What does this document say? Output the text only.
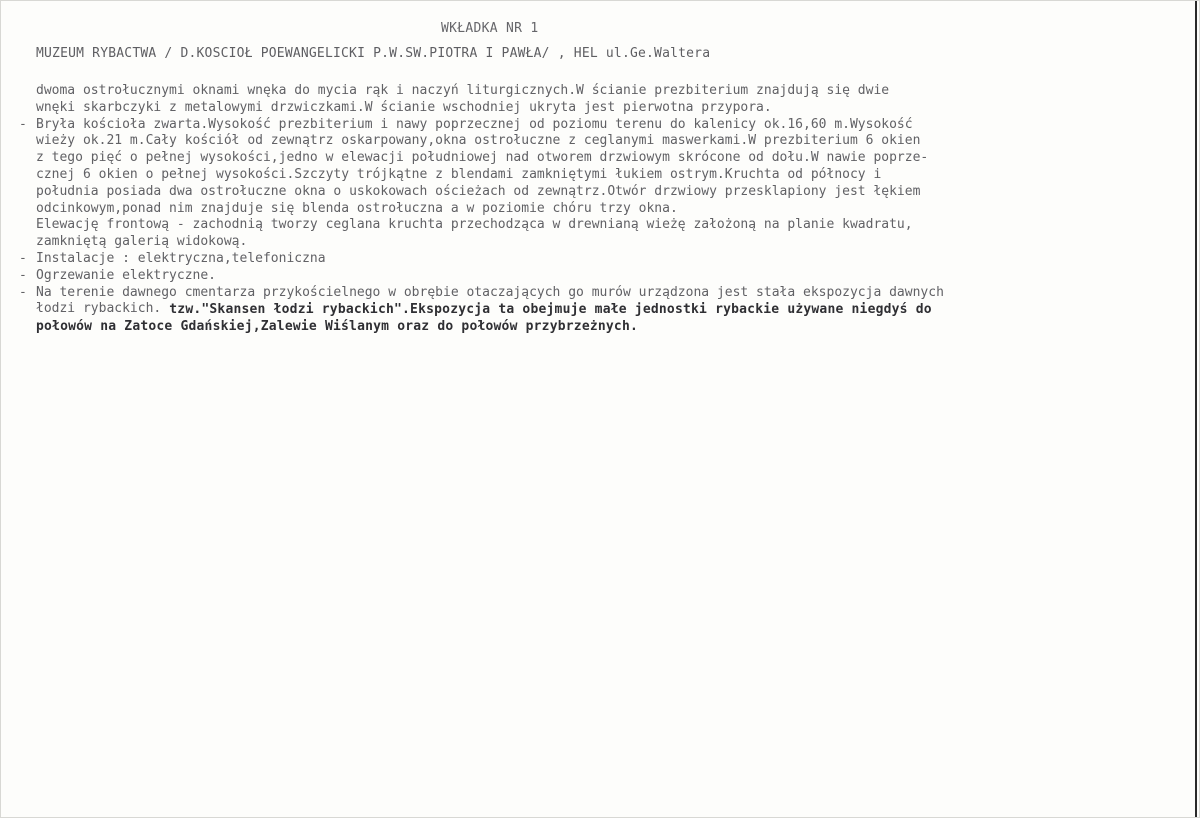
WKŁADKA NR 1
MUZEUM RYBACTWA / D.KOSCIOŁ POEWANGELICKI P.W.SW.PIOTRA I PAWŁA/ , HEL ul.Ge.Waltera
dwoma ostrołucznymi oknami wnęka do mycia rąk i naczyń liturgicznych.W ścianie prezbiterium znajdują się dwie
wnęki skarbczyki z metalowymi drzwiczkami.W ścianie wschodniej ukryta jest pierwotna przypora.
- Bryła kościoła zwarta.Wysokość prezbiterium i nawy poprzecznej od poziomu terenu do kalenicy ok.16,60 m.Wysokość
wieży ok.21 m.Cały kościół od zewnątrz oskarpowany,okna ostrołuczne z ceglanymi maswerkami.W prezbiterium 6 okien
z tego pięć o pełnej wysokości,jedno w elewacji południowej nad otworem drzwiowym skrócone od dołu.W nawie poprze-
cznej 6 okien o pełnej wysokości.Szczyty trójkątne z blendami zamkniętymi łukiem ostrym.Kruchta od północy i
południa posiada dwa ostrołuczne okna o uskokowach ościeżach od zewnątrz.Otwór drzwiowy przesklapiony jest łękiem
odcinkowym,ponad nim znajduje się blenda ostrołuczna a w poziomie chóru trzy okna.
Elewację frontową - zachodnią tworzy ceglana kruchta przechodząca w drewnianą wieżę założoną na planie kwadratu,
zamkniętą galerią widokową.
- Instalacje : elektryczna,telefoniczna
- Ogrzewanie elektryczne.
- Na terenie dawnego cmentarza przykościelnego w obrębie otaczających go murów urządzona jest stała ekspozycja dawnych
łodzi rybackich. tzw."Skansen łodzi rybackich".Ekspozycja ta obejmuje małe jednostki rybackie używane niegdyś do
połowów na Zatoce Gdańskiej,Zalewie Wiślanym oraz do połowów przybrzeżnych.
